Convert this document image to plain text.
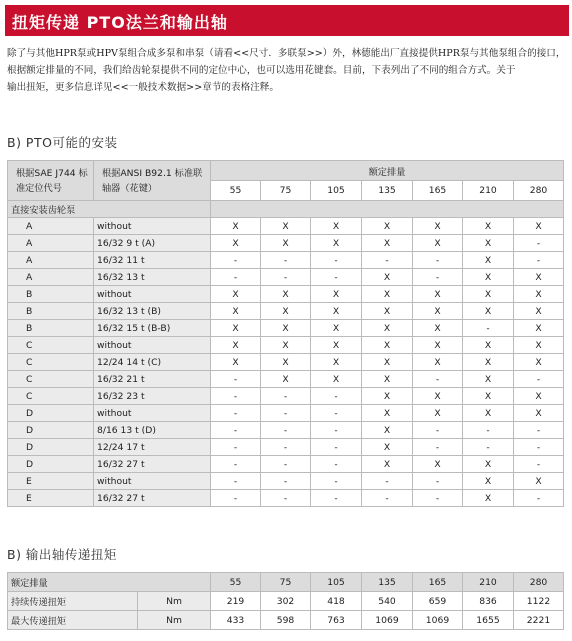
扭矩传递 PTO法兰和输出轴
除了与其他HPR泵或HPV泵组合成多泵和串泵（请看<<尺寸．多联泵>>）外，林德能出厂直接提供HPR泵与其他泵组合的接口，
根据额定排量的不同，我们给齿轮泵提供不同的定位中心，也可以选用花键套。目前，下表列出了不同的组合方式。关于
输出扭矩，更多信息详见<<一般技术数据>>章节的表格注释。
B) PTO可能的安装
根据SAE J744 标准定位代号	根据ANSI B92.1 标准联轴器（花键）	额定排量						
		55	75	105	135	165	210	280
直接安装齿轮泵								
A	without	X	X	X	X	X	X	X
A	16/32 9 t (A)	X	X	X	X	X	X	-
A	16/32 11 t	-	-	-	-	-	X	-
A	16/32 13 t	-	-	-	X	-	X	X
B	without	X	X	X	X	X	X	X
B	16/32 13 t (B)	X	X	X	X	X	X	X
B	16/32 15 t (B-B)	X	X	X	X	X	-	X
C	without	X	X	X	X	X	X	X
C	12/24 14 t (C)	X	X	X	X	X	X	X
C	16/32 21 t	-	X	X	X	-	X	-
C	16/32 23 t	-	-	-	X	X	X	X
D	without	-	-	-	X	X	X	X
D	8/16 13 t (D)	-	-	-	X	-	-	-
D	12/24 17 t	-	-	-	X	-	-	-
D	16/32 27 t	-	-	-	X	X	X	-
E	without	-	-	-	-	-	X	X
E	16/32 27 t	-	-	-	-	-	X	-
B) 输出轴传递扭矩
额定排量		55	75	105	135	165	210	280
持续传递扭矩	Nm	219	302	418	540	659	836	1122
最大传递扭矩	Nm	433	598	763	1069	1069	1655	2221
